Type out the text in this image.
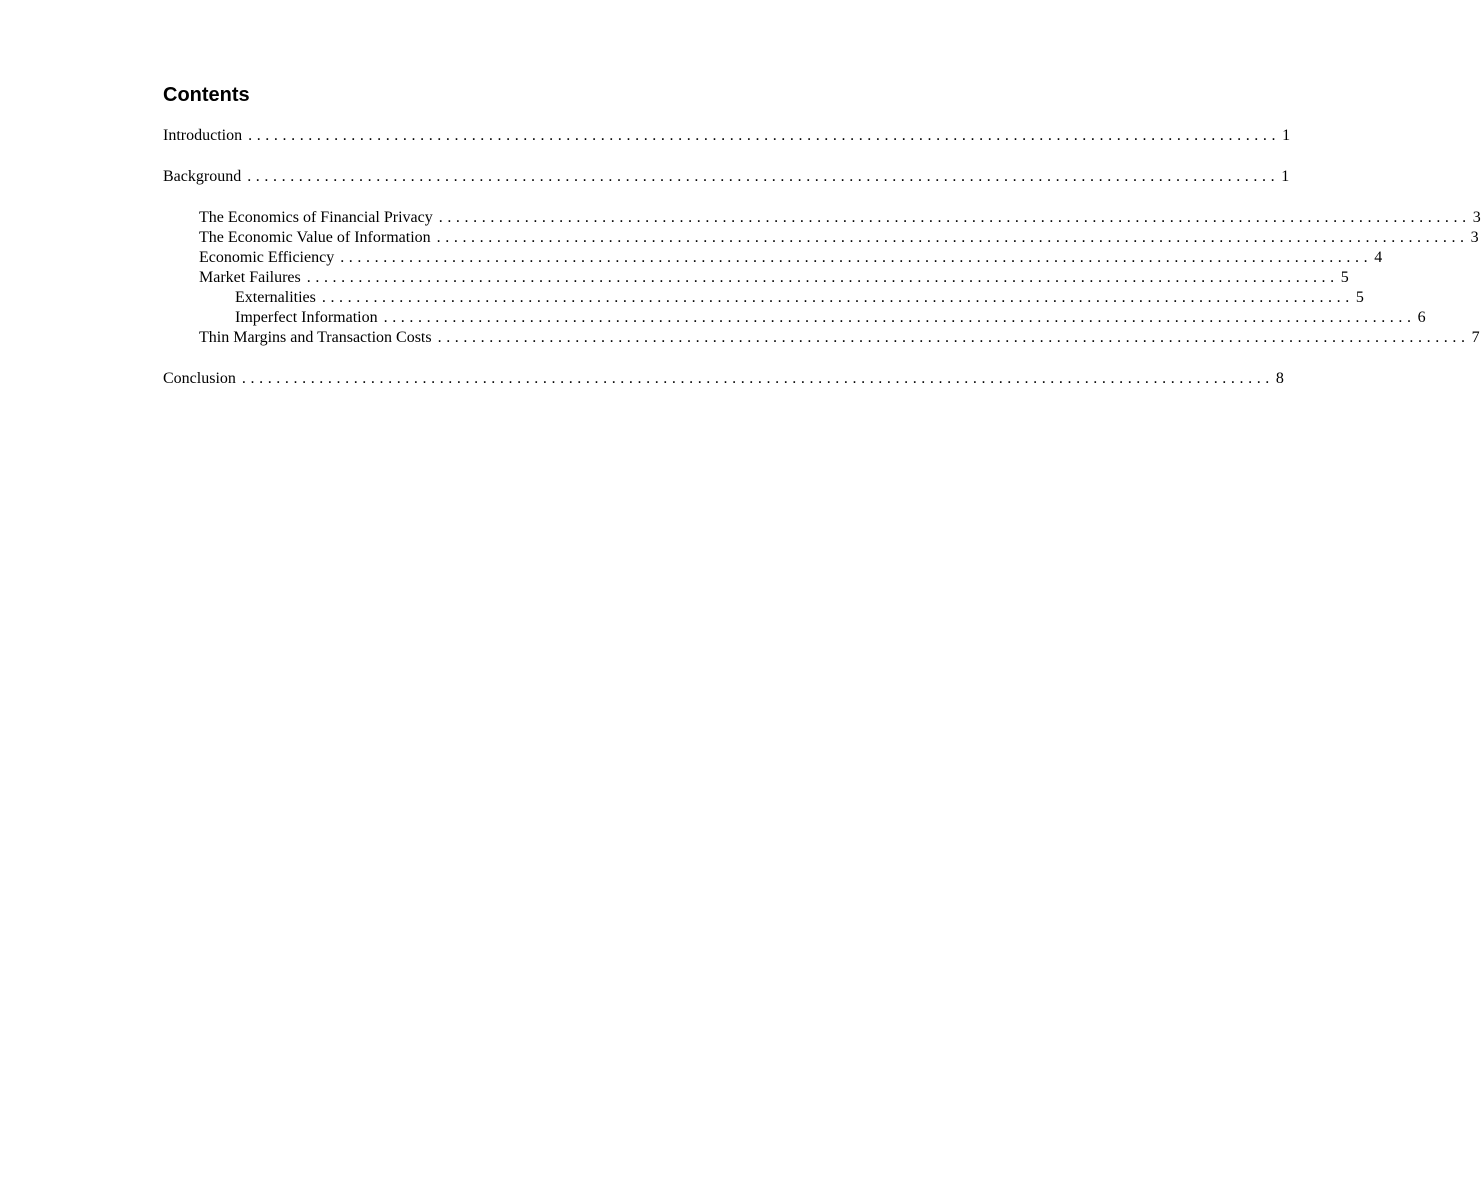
Contents
Introduction ........................................................................................................................ 1
Background ........................................................................................................................ 1
The Economics of Financial Privacy ........................................................................................................................ 3
The Economic Value of Information ........................................................................................................................ 3
Economic Efficiency ........................................................................................................................ 4
Market Failures ........................................................................................................................ 5
Externalities ........................................................................................................................ 5
Imperfect Information ........................................................................................................................ 6
Thin Margins and Transaction Costs ........................................................................................................................ 7
Conclusion ........................................................................................................................ 8
